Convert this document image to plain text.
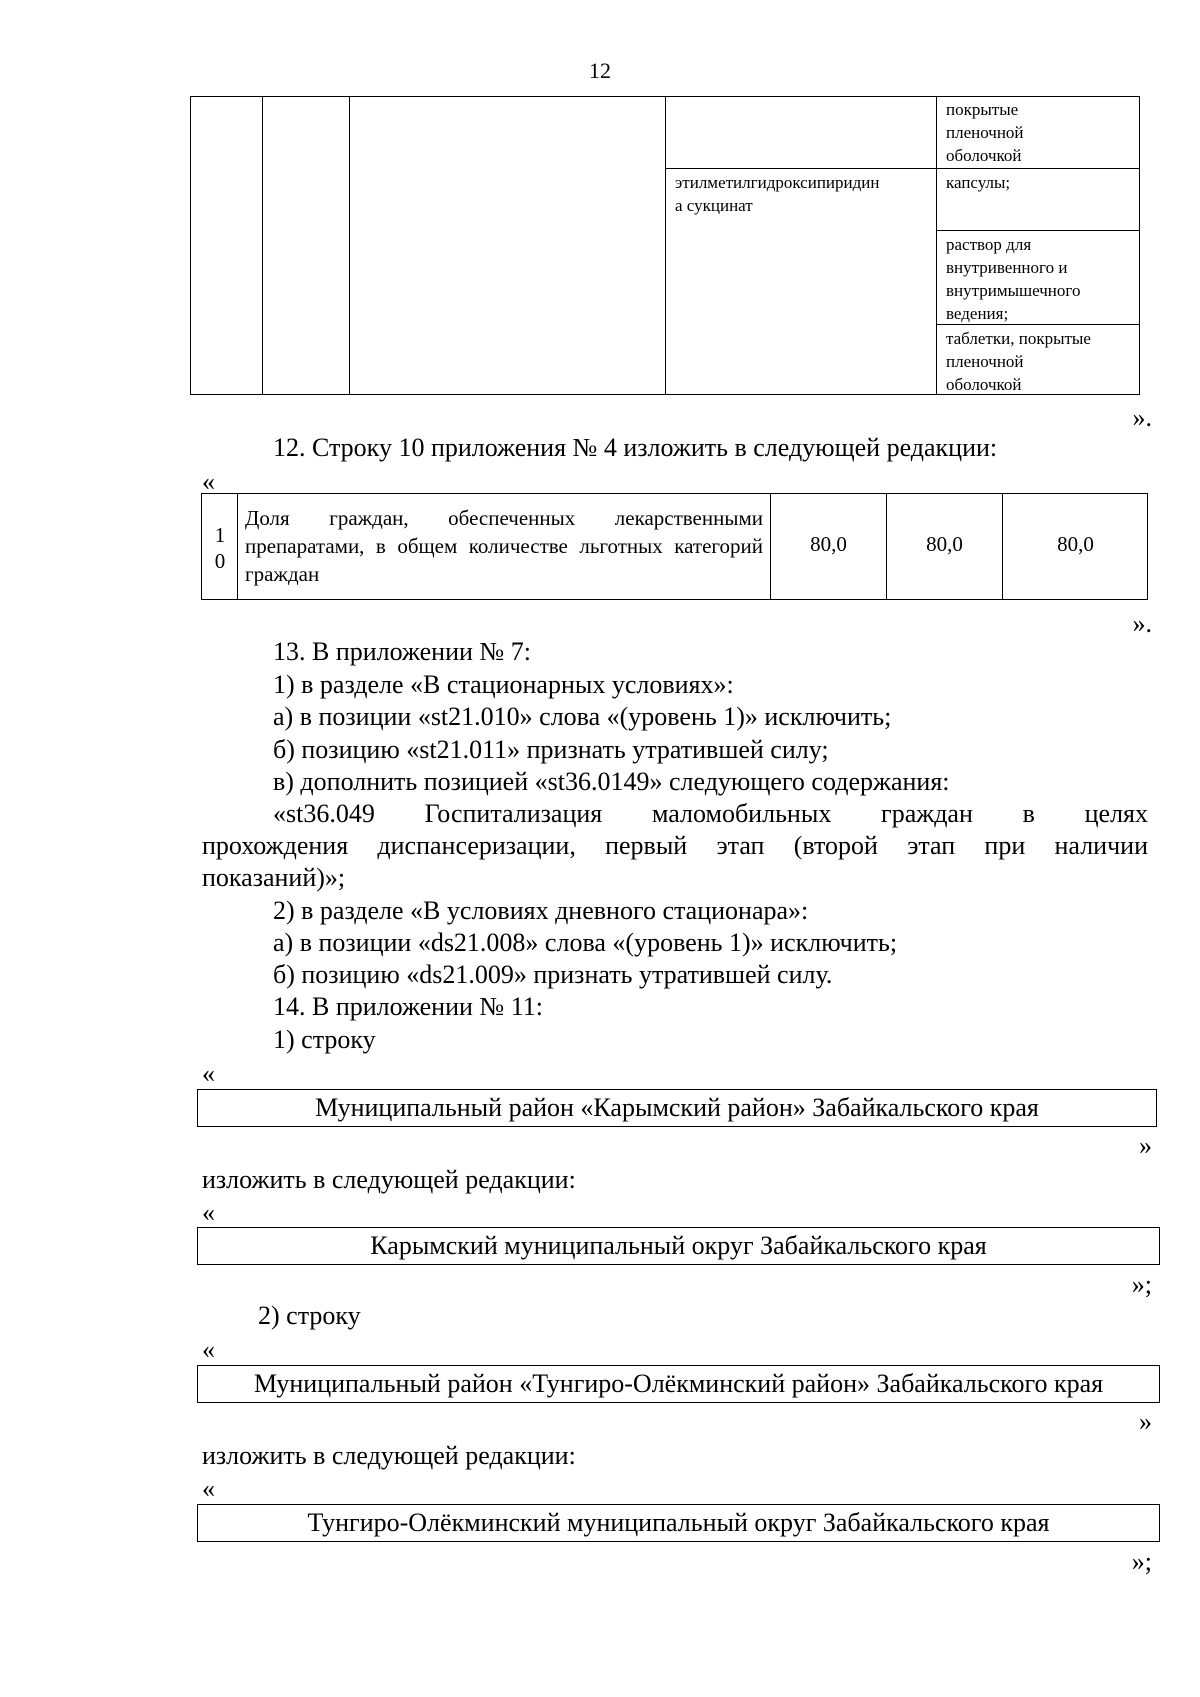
12
покрытые
пленочной
оболочкой
этилметилгидроксипиридин
а сукцинат
капсулы;
раствор для
внутривенного и
внутримышечного
ведения;
таблетки, покрытые
пленочной
оболочкой
».
12. Строку 10 приложения № 4 изложить в следующей редакции:
«
1
0
Доля граждан, обеспеченных лекарственными препаратами, в общем количестве льготных категорий граждан
80,0	80,0	80,0
».
13. В приложении № 7:
1) в разделе «В стационарных условиях»:
а) в позиции «st21.010» слова «(уровень 1)» исключить;
б) позицию «st21.011» признать утратившей силу;
в) дополнить позицией «st36.0149» следующего содержания:
«st36.049 Госпитализация маломобильных граждан в целях
прохождения диспансеризации, первый этап (второй этап при наличии
показаний)»;
2) в разделе «В условиях дневного стационара»:
а) в позиции «ds21.008» слова «(уровень 1)» исключить;
б) позицию «ds21.009» признать утратившей силу.
14. В приложении № 11:
1) строку
«
Муниципальный район «Карымский район» Забайкальского края
»
изложить в следующей редакции:
«
Карымский муниципальный округ Забайкальского края
»;
2) строку
«
Муниципальный район «Тунгиро-Олёкминский район» Забайкальского края
»
изложить в следующей редакции:
«
Тунгиро-Олёкминский муниципальный округ Забайкальского края
»;
